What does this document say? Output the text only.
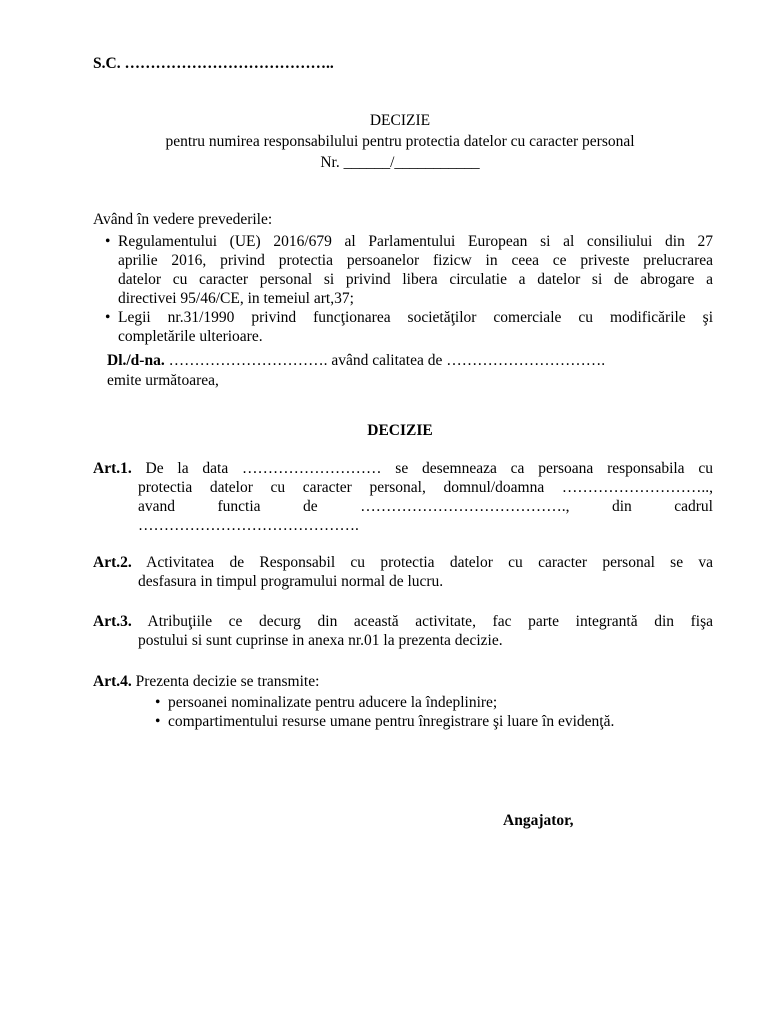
S.C. …………………………………..
DECIZIE
pentru numirea responsabilului pentru protectia datelor cu caracter personal
Nr. ______/___________
Având în vedere prevederile:
• Regulamentului (UE) 2016/679 al Parlamentului European si al consiliului din 27
aprilie 2016, privind protectia persoanelor fizicw in ceea ce priveste prelucrarea
datelor cu caracter personal si privind libera circulatie a datelor si de abrogare a
directivei 95/46/CE, in temeiul art,37;
• Legii nr.31/1990 privind funcţionarea societăţilor comerciale cu modificările şi
completările ulterioare.
Dl./d-na. …………………………. având calitatea de ………………………….
emite următoarea,
DECIZIE
Art.1. De la data ……………………… se desemneaza ca persoana responsabila cu
protectia datelor cu caracter personal, domnul/doamna ………………………..,
avand functia de …………………………………., din cadrul
…………………………………….
Art.2. Activitatea de Responsabil cu protectia datelor cu caracter personal se va
desfasura in timpul programului normal de lucru.
Art.3. Atribuţiile ce decurg din această activitate, fac parte integrantă din fişa
postului si sunt cuprinse in anexa nr.01 la prezenta decizie.
Art.4. Prezenta decizie se transmite:
• persoanei nominalizate pentru aducere la îndeplinire;
• compartimentului resurse umane pentru înregistrare şi luare în evidenţă.
Angajator,
